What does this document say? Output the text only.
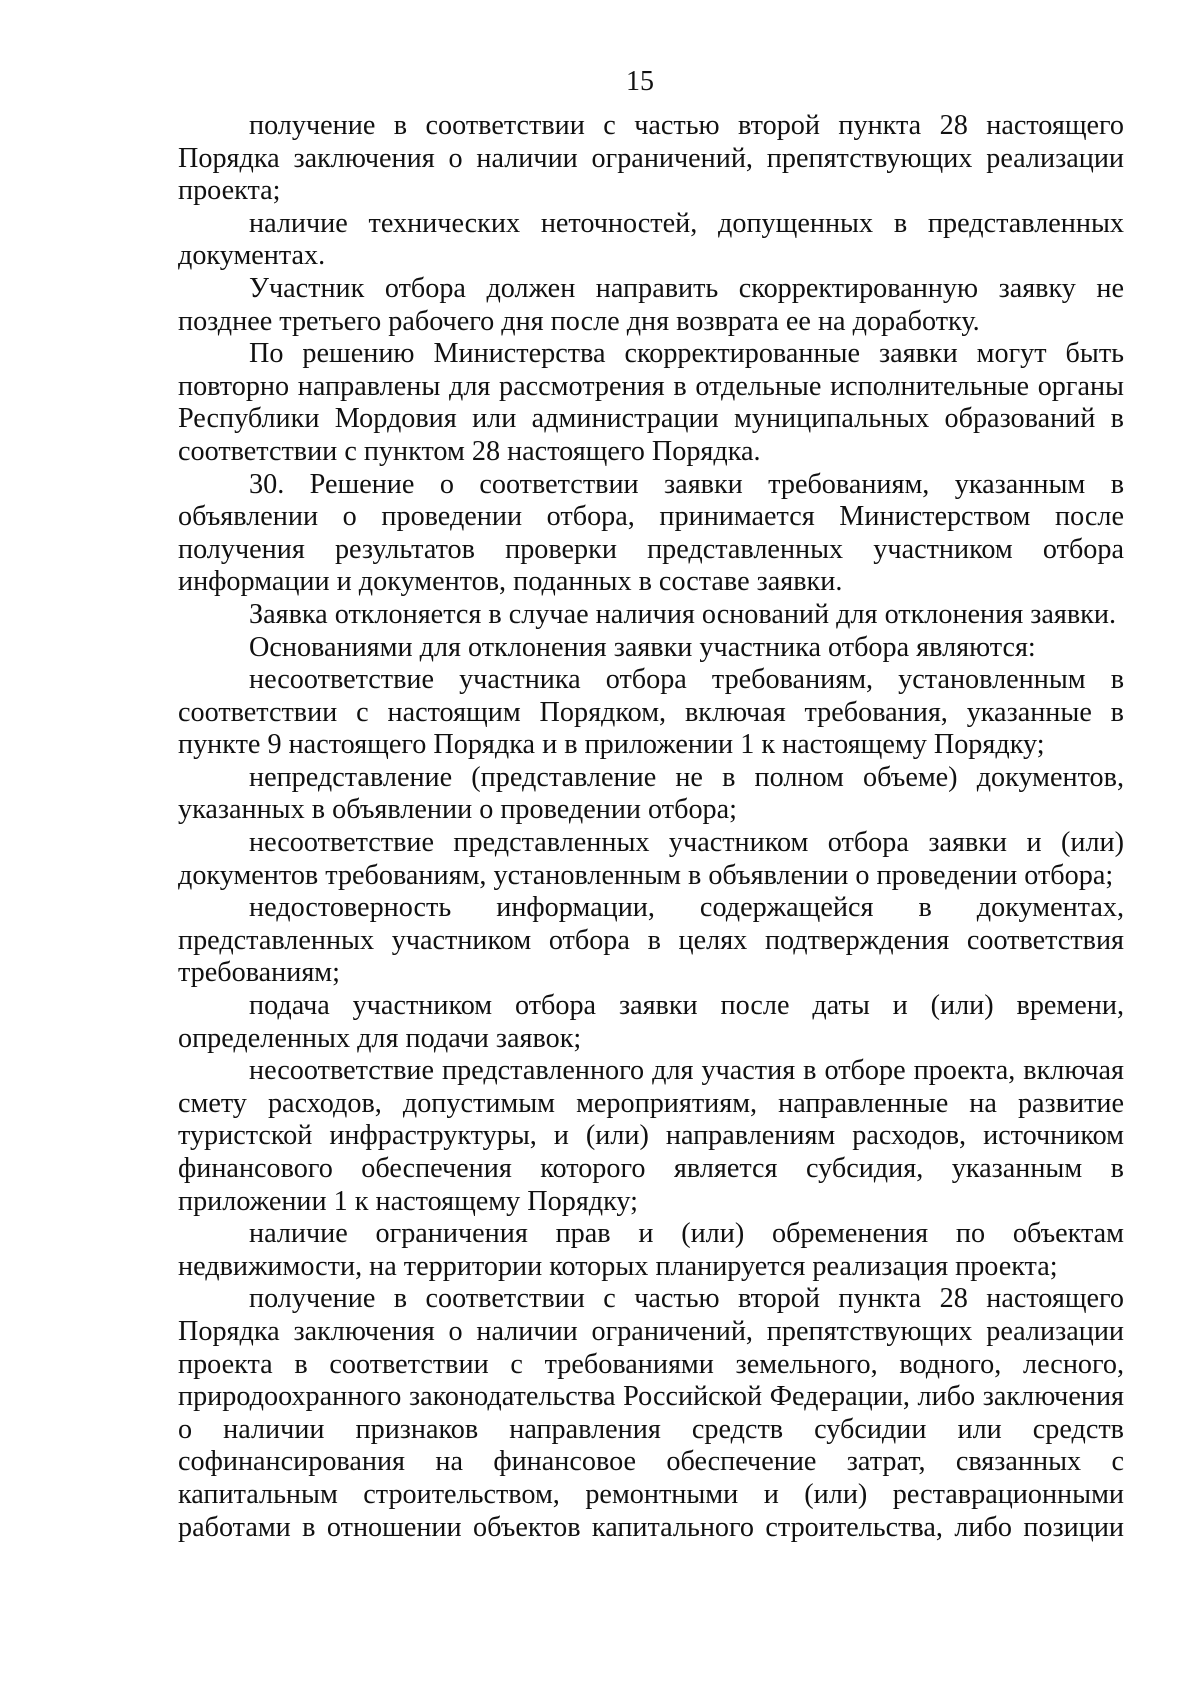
15

получение в соответствии с частью второй пункта 28 настоящего Порядка заключения о наличии ограничений, препятствующих реализации проекта;

наличие технических неточностей, допущенных в представленных документах.

Участник отбора должен направить скорректированную заявку не позднее третьего рабочего дня после дня возврата ее на доработку.

По решению Министерства скорректированные заявки могут быть повторно направлены для рассмотрения в отдельные исполнительные органы Республики Мордовия или администрации муниципальных образований в соответствии с пунктом 28 настоящего Порядка.

30. Решение о соответствии заявки требованиям, указанным в объявлении о проведении отбора, принимается Министерством после получения результатов проверки представленных участником отбора информации и документов, поданных в составе заявки.

Заявка отклоняется в случае наличия оснований для отклонения заявки.

Основаниями для отклонения заявки участника отбора являются:

несоответствие участника отбора требованиям, установленным в соответствии с настоящим Порядком, включая требования, указанные в пункте 9 настоящего Порядка и в приложении 1 к настоящему Порядку;

непредставление (представление не в полном объеме) документов, указанных в объявлении о проведении отбора;

несоответствие представленных участником отбора заявки и (или) документов требованиям, установленным в объявлении о проведении отбора;

недостоверность информации, содержащейся в документах, представленных участником отбора в целях подтверждения соответствия требованиям;

подача участником отбора заявки после даты и (или) времени, определенных для подачи заявок;

несоответствие представленного для участия в отборе проекта, включая смету расходов, допустимым мероприятиям, направленные на развитие туристской инфраструктуры, и (или) направлениям расходов, источником финансового обеспечения которого является субсидия, указанным в приложении 1 к настоящему Порядку;

наличие ограничения прав и (или) обременения по объектам недвижимости, на территории которых планируется реализация проекта;

получение в соответствии с частью второй пункта 28 настоящего Порядка заключения о наличии ограничений, препятствующих реализации проекта в соответствии с требованиями земельного, водного, лесного, природоохранного законодательства Российской Федерации, либо заключения о наличии признаков направления средств субсидии или средств софинансирования на финансовое обеспечение затрат, связанных с капитальным строительством, ремонтными и (или) реставрационными работами в отношении объектов капитального строительства, либо позиции
